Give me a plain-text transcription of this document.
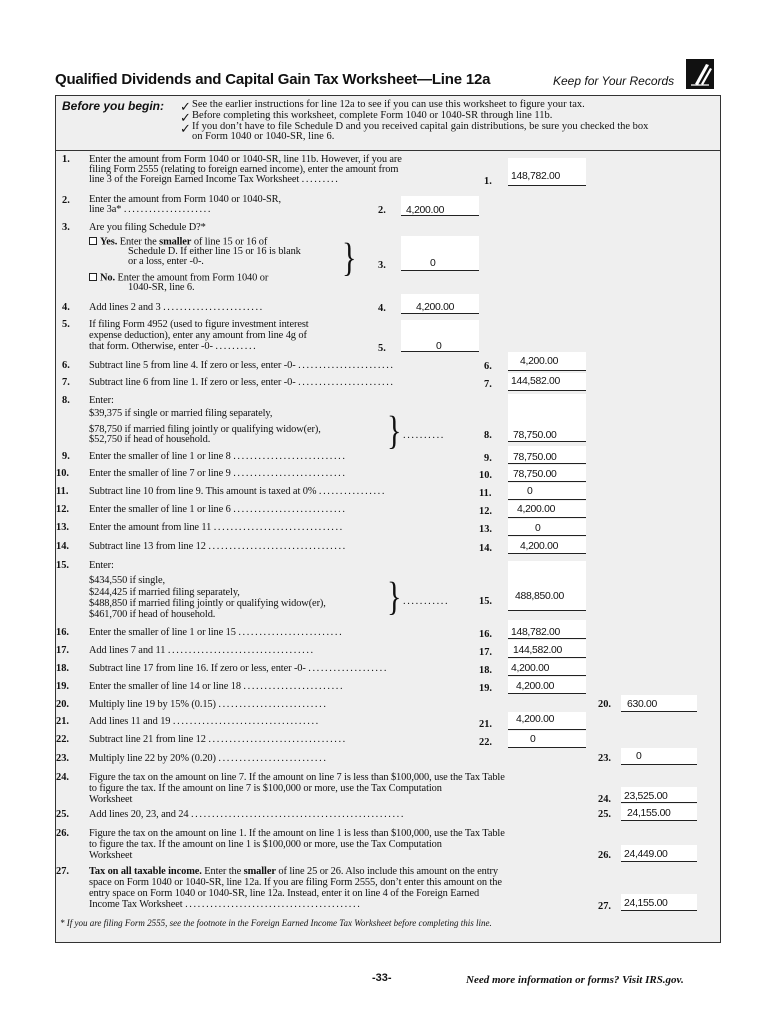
Qualified Dividends and Capital Gain Tax Worksheet—Line 12a	Keep for Your Records
Before you begin: ✓
✓
✓
See the earlier instructions for line 12a to see if you can use this worksheet to figure your tax.
Before completing this worksheet, complete Form 1040 or 1040-SR through line 11b.
If you don’t have to file Schedule D and you received capital gain distributions, be sure you checked the box
on Form 1040 or 1040-SR, line 6.
1. Enter the amount from Form 1040 or 1040-SR, line 11b. However, if you are
filing Form 2555 (relating to foreign earned income), enter the amount from
line 3 of the Foreign Earned Income Tax Worksheet .........	1. 148,782.00
2. Enter the amount from Form 1040 or 1040-SR,
line 3a* .....................	2. 4,200.00
3. Are you filing Schedule D?*
Yes. Enter the smaller of line 15 or 16 of
Schedule D. If either line 15 or 16 is blank
or a loss, enter -0-.
No. Enter the amount from Form 1040 or
1040-SR, line 6.
} 3.	0
4. Add lines 2 and 3 ........................	4.	4,200.00
5. If filing Form 4952 (used to figure investment interest
expense deduction), enter any amount from line 4g of
that form. Otherwise, enter -0- ..........	5.	0
6. Subtract line 5 from line 4. If zero or less, enter -0- .......................	6.	4,200.00
7. Subtract line 6 from line 1. If zero or less, enter -0- .......................	7. 144,582.00
8. Enter:
$39,375 if single or married filing separately,
$78,750 if married filing jointly or qualifying widow(er),
$52,750 if head of household.	} ..........	8. 78,750.00
9. Enter the smaller of line 1 or line 8 ...........................	9. 78,750.00
10. Enter the smaller of line 7 or line 9 ...........................	10. 78,750.00
11. Subtract line 10 from line 9. This amount is taxed at 0% ................	11.	0
12. Enter the smaller of line 1 or line 6 ...........................	12. 4,200.00
13. Enter the amount from line 11 ...............................	13.	0
14. Subtract line 13 from line 12 .................................	14.	4,200.00
15. Enter:
$434,550 if single,
$244,425 if married filing separately,
$488,850 if married filing jointly or qualifying widow(er),
$461,700 if head of household.	} ...........	15. 488,850.00
16. Enter the smaller of line 1 or line 15 .........................	16. 148,782.00
17. Add lines 7 and 11 ...................................	17. 144,582.00
18. Subtract line 17 from line 16. If zero or less, enter -0- ...................	18. 4,200.00
19. Enter the smaller of line 14 or line 18 ........................	19. 4,200.00
20. Multiply line 19 by 15% (0.15) ..........................	20. 630.00
21. Add lines 11 and 19 ...................................	21. 4,200.00
22. Subtract line 21 from line 12 .................................	22.	0
23. Multiply line 22 by 20% (0.20) ..........................	23. 0
24. Figure the tax on the amount on line 7. If the amount on line 7 is less than $100,000, use the Tax Table
to figure the tax. If the amount on line 7 is $100,000 or more, use the Tax Computation
Worksheet	24. 23,525.00
25. Add lines 20, 23, and 24 ...................................................	25. 24,155.00
26. Figure the tax on the amount on line 1. If the amount on line 1 is less than $100,000, use the Tax Table
to figure the tax. If the amount on line 1 is $100,000 or more, use the Tax Computation
Worksheet	26. 24,449.00
27. Tax on all taxable income. Enter the smaller of line 25 or 26. Also include this amount on the entry
space on Form 1040 or 1040-SR, line 12a. If you are filing Form 2555, don’t enter this amount on the
entry space on Form 1040 or 1040-SR, line 12a. Instead, enter it on line 4 of the Foreign Earned
Income Tax Worksheet ..........................................	27. 24,155.00
* If you are filing Form 2555, see the footnote in the Foreign Earned Income Tax Worksheet before completing this line.
-33-	Need more information or forms? Visit IRS.gov.
